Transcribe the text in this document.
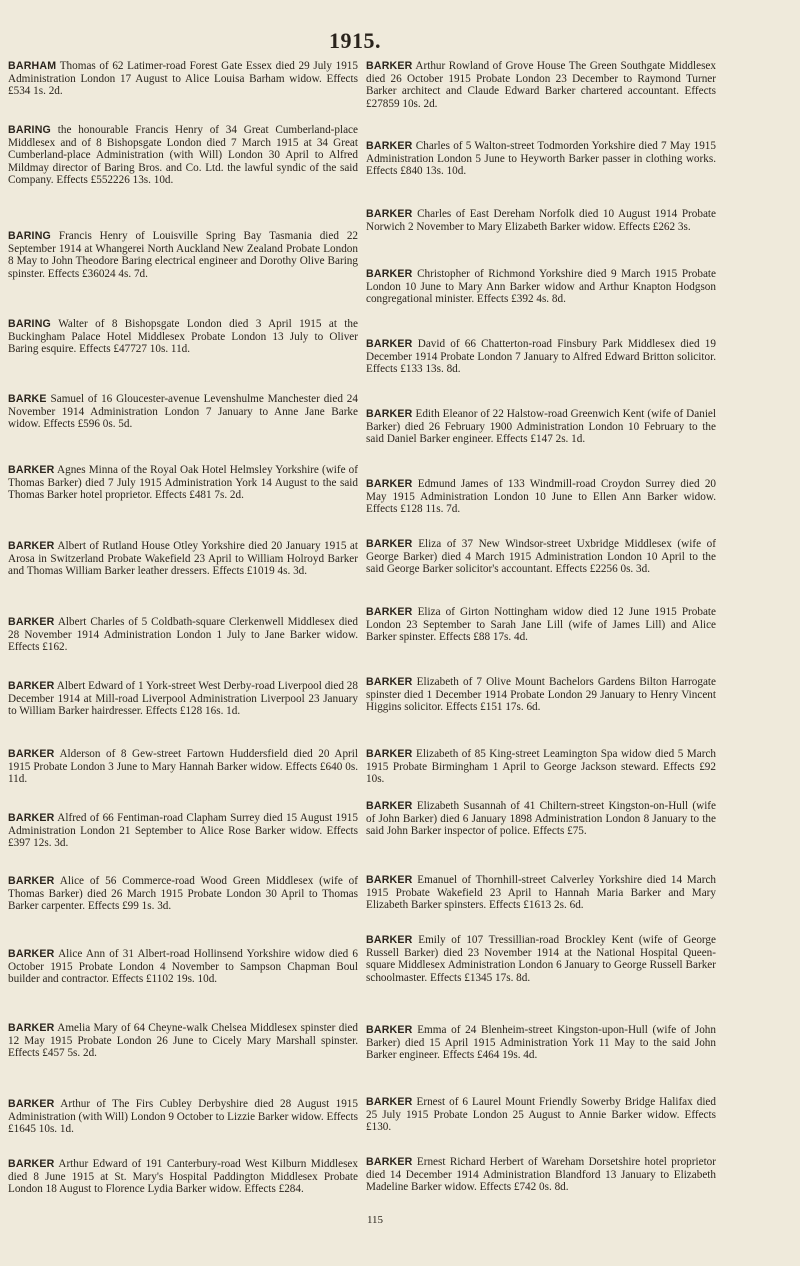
1915.
BARHAM Thomas of 62 Latimer-road Forest Gate Essex died 29 July 1915 Administration London 17 August to Alice Louisa Barham widow. Effects £534 1s. 2d.
BARING the honourable Francis Henry of 34 Great Cumberland-place Middlesex and of 8 Bishopsgate London died 7 March 1915 at 34 Great Cumberland-place Administration (with Will) London 30 April to Alfred Mildmay director of Baring Bros. and Co. Ltd. the lawful syndic of the said Company. Effects £552226 13s. 10d.
BARING Francis Henry of Louisville Spring Bay Tasmania died 22 September 1914 at Whangerei North Auckland New Zealand Probate London 8 May to John Theodore Baring electrical engineer and Dorothy Olive Baring spinster. Effects £36024 4s. 7d.
BARING Walter of 8 Bishopsgate London died 3 April 1915 at the Buckingham Palace Hotel Middlesex Probate London 13 July to Oliver Baring esquire. Effects £47727 10s. 11d.
BARKE Samuel of 16 Gloucester-avenue Levenshulme Manchester died 24 November 1914 Administration London 7 January to Anne Jane Barke widow. Effects £596 0s. 5d.
BARKER Agnes Minna of the Royal Oak Hotel Helmsley Yorkshire (wife of Thomas Barker) died 7 July 1915 Administration York 14 August to the said Thomas Barker hotel proprietor. Effects £481 7s. 2d.
BARKER Albert of Rutland House Otley Yorkshire died 20 January 1915 at Arosa in Switzerland Probate Wakefield 23 April to William Holroyd Barker and Thomas William Barker leather dressers. Effects £1019 4s. 3d.
BARKER Albert Charles of 5 Coldbath-square Clerkenwell Middlesex died 28 November 1914 Administration London 1 July to Jane Barker widow. Effects £162.
BARKER Albert Edward of 1 York-street West Derby-road Liverpool died 28 December 1914 at Mill-road Liverpool Administration Liverpool 23 January to William Barker hairdresser. Effects £128 16s. 1d.
BARKER Alderson of 8 Gew-street Fartown Huddersfield died 20 April 1915 Probate London 3 June to Mary Hannah Barker widow. Effects £640 0s. 11d.
BARKER Alfred of 66 Fentiman-road Clapham Surrey died 15 August 1915 Administration London 21 September to Alice Rose Barker widow. Effects £397 12s. 3d.
BARKER Alice of 56 Commerce-road Wood Green Middlesex (wife of Thomas Barker) died 26 March 1915 Probate London 30 April to Thomas Barker carpenter. Effects £99 1s. 3d.
BARKER Alice Ann of 31 Albert-road Hollinsend Yorkshire widow died 6 October 1915 Probate London 4 November to Sampson Chapman Boul builder and contractor. Effects £1102 19s. 10d.
BARKER Amelia Mary of 64 Cheyne-walk Chelsea Middlesex spinster died 12 May 1915 Probate London 26 June to Cicely Mary Marshall spinster. Effects £457 5s. 2d.
BARKER Arthur of The Firs Cubley Derbyshire died 28 August 1915 Administration (with Will) London 9 October to Lizzie Barker widow. Effects £1645 10s. 1d.
BARKER Arthur Edward of 191 Canterbury-road West Kilburn Middlesex died 8 June 1915 at St. Mary's Hospital Paddington Middlesex Probate London 18 August to Florence Lydia Barker widow. Effects £284.
BARKER Arthur Rowland of Grove House The Green Southgate Middlesex died 26 October 1915 Probate London 23 December to Raymond Turner Barker architect and Claude Edward Barker chartered accountant. Effects £27859 10s. 2d.
BARKER Charles of 5 Walton-street Todmorden Yorkshire died 7 May 1915 Administration London 5 June to Heyworth Barker passer in clothing works. Effects £840 13s. 10d.
BARKER Charles of East Dereham Norfolk died 10 August 1914 Probate Norwich 2 November to Mary Elizabeth Barker widow. Effects £262 3s.
BARKER Christopher of Richmond Yorkshire died 9 March 1915 Probate London 10 June to Mary Ann Barker widow and Arthur Knapton Hodgson congregational minister. Effects £392 4s. 8d.
BARKER David of 66 Chatterton-road Finsbury Park Middlesex died 19 December 1914 Probate London 7 January to Alfred Edward Britton solicitor. Effects £133 13s. 8d.
BARKER Edith Eleanor of 22 Halstow-road Greenwich Kent (wife of Daniel Barker) died 26 February 1900 Administration London 10 February to the said Daniel Barker engineer. Effects £147 2s. 1d.
BARKER Edmund James of 133 Windmill-road Croydon Surrey died 20 May 1915 Administration London 10 June to Ellen Ann Barker widow. Effects £128 11s. 7d.
BARKER Eliza of 37 New Windsor-street Uxbridge Middlesex (wife of George Barker) died 4 March 1915 Administration London 10 April to the said George Barker solicitor's accountant. Effects £2256 0s. 3d.
BARKER Eliza of Girton Nottingham widow died 12 June 1915 Probate London 23 September to Sarah Jane Lill (wife of James Lill) and Alice Barker spinster. Effects £88 17s. 4d.
BARKER Elizabeth of 7 Olive Mount Bachelors Gardens Bilton Harrogate spinster died 1 December 1914 Probate London 29 January to Henry Vincent Higgins solicitor. Effects £151 17s. 6d.
BARKER Elizabeth of 85 King-street Leamington Spa widow died 5 March 1915 Probate Birmingham 1 April to George Jackson steward. Effects £92 10s.
BARKER Elizabeth Susannah of 41 Chiltern-street Kingston-on-Hull (wife of John Barker) died 6 January 1898 Administration London 8 January to the said John Barker inspector of police. Effects £75.
BARKER Emanuel of Thornhill-street Calverley Yorkshire died 14 March 1915 Probate Wakefield 23 April to Hannah Maria Barker and Mary Elizabeth Barker spinsters. Effects £1613 2s. 6d.
BARKER Emily of 107 Tressillian-road Brockley Kent (wife of George Russell Barker) died 23 November 1914 at the National Hospital Queen-square Middlesex Administration London 6 January to George Russell Barker schoolmaster. Effects £1345 17s. 8d.
BARKER Emma of 24 Blenheim-street Kingston-upon-Hull (wife of John Barker) died 15 April 1915 Administration York 11 May to the said John Barker engineer. Effects £464 19s. 4d.
BARKER Ernest of 6 Laurel Mount Friendly Sowerby Bridge Halifax died 25 July 1915 Probate London 25 August to Annie Barker widow. Effects £130.
BARKER Ernest Richard Herbert of Wareham Dorsetshire hotel proprietor died 14 December 1914 Administration Blandford 13 January to Elizabeth Madeline Barker widow. Effects £742 0s. 8d.
115
